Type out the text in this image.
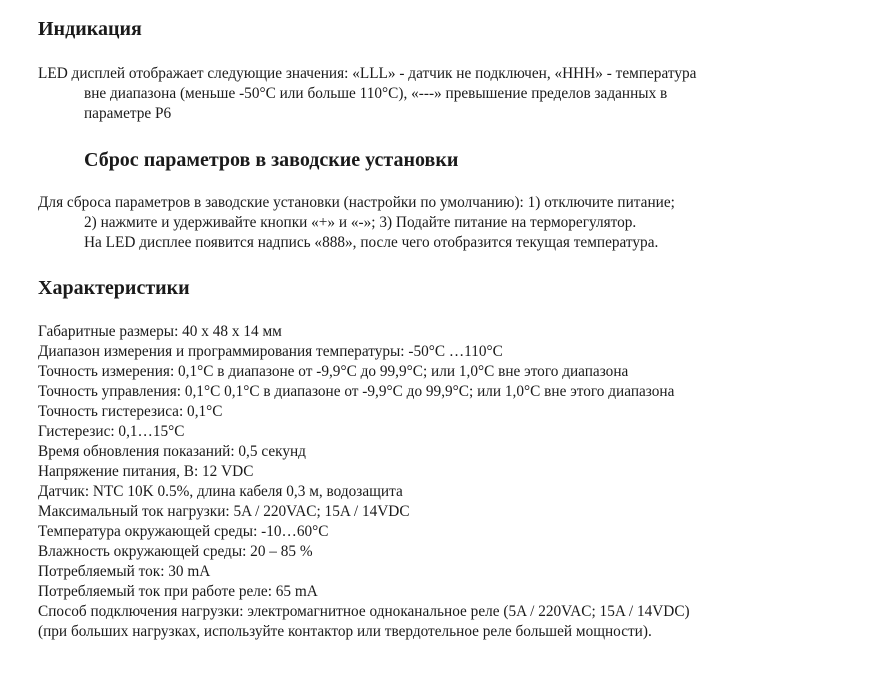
Индикация

LED дисплей отображает следующие значения: «LLL» - датчик не подключен, «HHH» - температура
вне диапазона (меньше -50°C или больше 110°C), «---» превышение пределов заданных в
параметре P6

Сброс параметров в заводские установки

Для сброса параметров в заводские установки (настройки по умолчанию): 1) отключите питание;
2) нажмите и удерживайте кнопки «+» и «-»; 3) Подайте питание на терморегулятор.
На LED дисплее появится надпись «888», после чего отобразится текущая температура.

Характеристики
Габаритные размеры: 40 х 48 х 14 мм
Диапазон измерения и программирования температуры: -50°C …110°C
Точность измерения: 0,1°C в диапазоне от -9,9°C до 99,9°C; или 1,0°C вне этого диапазона
Точность управления: 0,1°C 0,1°C в диапазоне от -9,9°C до 99,9°C; или 1,0°C вне этого диапазона
Точность гистерезиса: 0,1°C
Гистерезис: 0,1…15°C
Время обновления показаний: 0,5 секунд
Напряжение питания, В: 12 VDC
Датчик: NTC 10K 0.5%, длина кабеля 0,3 м, водозащита
Максимальный ток нагрузки: 5A / 220VAC; 15A / 14VDC
Температура окружающей среды: -10…60°C
Влажность окружающей среды: 20 – 85 %
Потребляемый ток: 30 mA
Потребляемый ток при работе реле: 65 mA
Способ подключения нагрузки: электромагнитное одноканальное реле (5A / 220VAC; 15A / 14VDC)
(при больших нагрузках, используйте контактор или твердотельное реле большей мощности).
